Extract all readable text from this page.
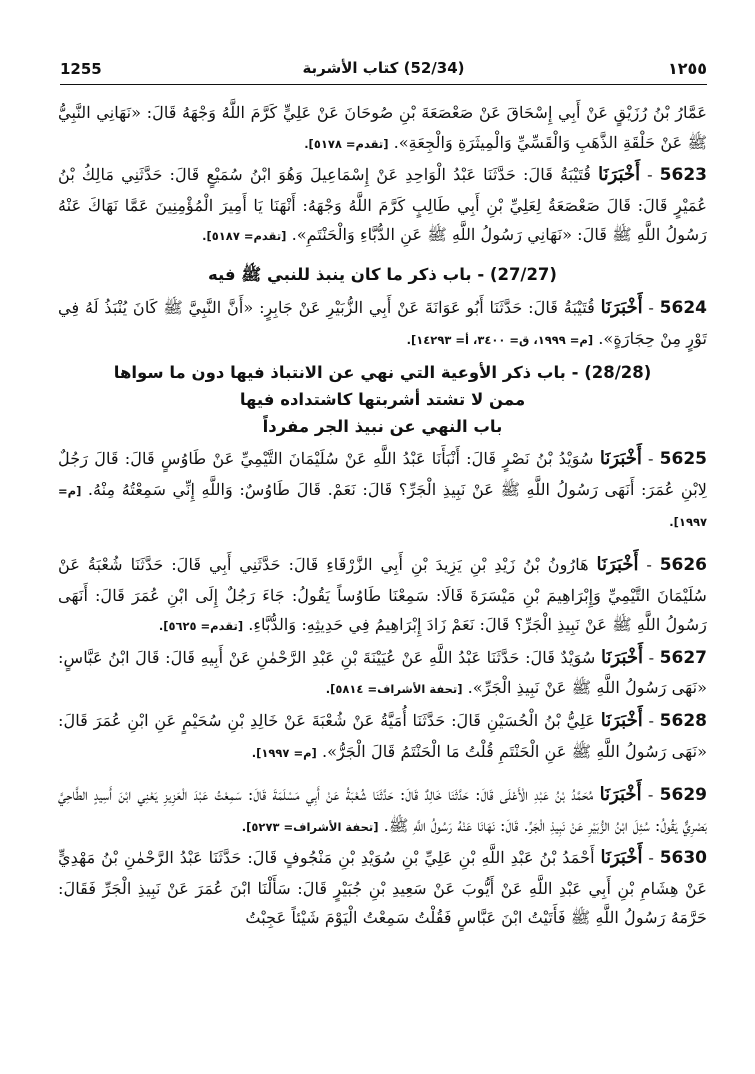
1255	(52/34) كتاب الأشربة	١٢٥٥

عَمَّارُ بْنُ رُزَيْقٍ عَنْ أَبِي إِسْحَاقَ عَنْ صَعْصَعَةَ بْنِ صُوحَانَ عَنْ عَلِيٍّ كَرَّمَ اللَّهُ وَجْهَهُ قَالَ: «نَهَانِي النَّبِيُّ ﷺ عَنْ حَلْقَةِ الذَّهَبِ وَالْقَسِّيِّ وَالْمِيثَرَةِ وَالْجِعَةِ». [تقدم= ٥١٧٨].

5623 - أَخْبَرَنَا قُتَيْبَةُ قَالَ: حَدَّثَنَا عَبْدُ الْوَاحِدِ عَنْ إِسْمَاعِيلَ وَهُوَ ابْنُ سُمَيْعٍ قَالَ: حَدَّثَنِي مَالِكُ بْنُ عُمَيْرٍ قَالَ: قَالَ صَعْصَعَةُ لِعَلِيِّ بْنِ أَبِي طَالِبٍ كَرَّمَ اللَّهُ وَجْهَهُ: أَنْهَنَا يَا أَمِيرَ الْمُؤْمِنِينَ عَمَّا نَهَاكَ عَنْهُ رَسُولُ اللَّهِ ﷺ قَالَ: «نَهَانِي رَسُولُ اللَّهِ ﷺ عَنِ الدُّبَّاءِ وَالْحَنْتَمِ». [تقدم= ٥١٨٧].

(27/27) - باب ذكر ما كان ينبذ للنبي ﷺ فيه

5624 - أَخْبَرَنَا قُتَيْبَةُ قَالَ: حَدَّثَنَا أَبُو عَوَانَةَ عَنْ أَبِي الزُّبَيْرِ عَنْ جَابِرٍ: «أَنَّ النَّبِيَّ ﷺ كَانَ يُنْبَذُ لَهُ فِي تَوْرٍ مِنْ حِجَارَةٍ». [م= ١٩٩٩، ق= ٣٤٠٠، أ= ١٤٢٩٣].

(28/28) - باب ذكر الأوعية التي نهي عن الانتباذ فيها دون ما سواها
ممن لا تشتد أشربتها كاشتداده فيها
باب النهي عن نبيذ الجر مفرداً

5625 - أَخْبَرَنَا سُوَيْدُ بْنُ نَصْرٍ قَالَ: أَنْبَأَنَا عَبْدُ اللَّهِ عَنْ سُلَيْمَانَ التَّيْمِيِّ عَنْ طَاوُسٍ قَالَ: قَالَ رَجُلٌ لِابْنِ عُمَرَ: أَنَهَى رَسُولُ اللَّهِ ﷺ عَنْ نَبِيذِ الْجَرِّ؟ قَالَ: نَعَمْ. قَالَ طَاوُسٌ: وَاللَّهِ إِنِّي سَمِعْتُهُ مِنْهُ. [م= ١٩٩٧].

5626 - أَخْبَرَنَا هَارُونُ بْنُ زَيْدِ بْنِ يَزِيدَ بْنِ أَبِي الزَّرْقَاءِ قَالَ: حَدَّثَنِي أَبِي قَالَ: حَدَّثَنَا شُعْبَةُ عَنْ سُلَيْمَانَ التَّيْمِيِّ وَإِبْرَاهِيمَ بْنِ مَيْسَرَةَ قَالَا: سَمِعْنَا طَاوُساً يَقُولُ: جَاءَ رَجُلٌ إِلَى ابْنِ عُمَرَ قَالَ: أَنَهَى رَسُولُ اللَّهِ ﷺ عَنْ نَبِيذِ الْجَرِّ؟ قَالَ: نَعَمْ زَادَ إِبْرَاهِيمُ فِي حَدِيثِهِ: وَالدُّبَّاءِ. [تقدم= ٥٦٢٥].

5627 - أَخْبَرَنَا سُوَيْدٌ قَالَ: حَدَّثَنَا عَبْدُ اللَّهِ عَنْ عُيَيْنَةَ بْنِ عَبْدِ الرَّحْمٰنِ عَنْ أَبِيهِ قَالَ: قَالَ ابْنُ عَبَّاسٍ: «نَهَى رَسُولُ اللَّهِ ﷺ عَنْ نَبِيذِ الْجَرِّ». [تحفة الأشراف= ٥٨١٤].

5628 - أَخْبَرَنَا عَلِيُّ بْنُ الْحُسَيْنِ قَالَ: حَدَّثَنَا أُمَيَّةُ عَنْ شُعْبَةَ عَنْ خَالِدِ بْنِ سُحَيْمٍ عَنِ ابْنِ عُمَرَ قَالَ: «نَهَى رَسُولُ اللَّهِ ﷺ عَنِ الْحَنْتَمِ قُلْتُ مَا الْحَنْتَمُ قَالَ الْجَرُّ». [م= ١٩٩٧].

5629 - أَخْبَرَنَا مُحَمَّدُ بْنُ عَبْدِ الْأَعْلَى قَالَ: حَدَّثَنَا خَالِدٌ قَالَ: حَدَّثَنَا شُعْبَةُ عَنْ أَبِي مَسْلَمَةَ قَالَ: سَمِعْتُ عَبْدَ الْعَزِيزِ يَعْنِي ابْنَ أَسِيدٍ الطَّاحِيَّ بَصْرِيٌّ يَقُولُ: سُئِلَ ابْنُ الزُّبَيْرِ عَنْ نَبِيذِ الْجَرِّ. قَالَ: نَهَانَا عَنْهُ رَسُولُ اللَّهِ ﷺ. [تحفة الأشراف= ٥٢٧٣].

5630 - أَخْبَرَنَا أَحْمَدُ بْنُ عَبْدِ اللَّهِ بْنِ عَلِيِّ بْنِ سُوَيْدِ بْنِ مَنْجُوفٍ قَالَ: حَدَّثَنَا عَبْدُ الرَّحْمٰنِ بْنُ مَهْدِيٍّ عَنْ هِشَامِ بْنِ أَبِي عَبْدِ اللَّهِ عَنْ أَيُّوبَ عَنْ سَعِيدِ بْنِ جُبَيْرٍ قَالَ: سَأَلْنَا ابْنَ عُمَرَ عَنْ نَبِيذِ الْجَرِّ فَقَالَ: حَرَّمَهُ رَسُولُ اللَّهِ ﷺ فَأَتَيْتُ ابْنَ عَبَّاسٍ فَقُلْتُ سَمِعْتُ الْيَوْمَ شَيْئاً عَجِبْتُ
